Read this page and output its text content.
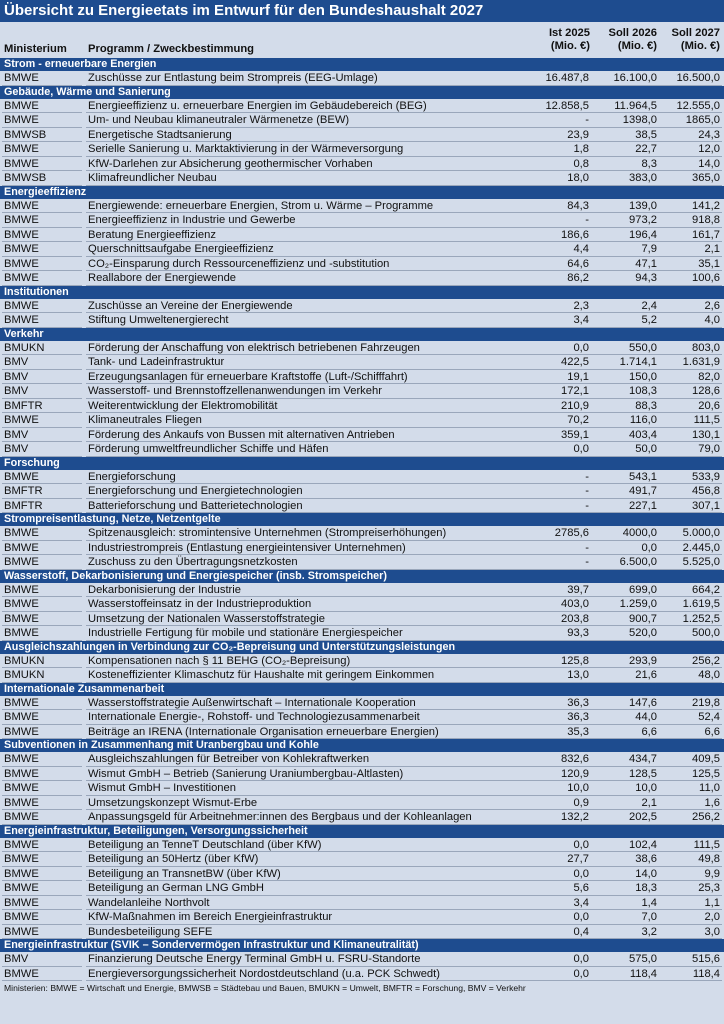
Übersicht zu Energieetats im Entwurf für den Bundeshaushalt 2027
Ministerium Programm / Zweckbestimmung
Ist 2025
(Mio. €)
Soll 2026
(Mio. €)
Soll 2027
(Mio. €)
Strom - erneuerbare Energien
BMWE	Zuschüsse zur Entlastung beim Strompreis (EEG-Umlage)	16.487,8	16.100,0	16.500,0
Gebäude, Wärme und Sanierung
BMWE	Energieeffizienz u. erneuerbare Energien im Gebäudebereich (BEG)	12.858,5	11.964,5	12.555,0
BMWE	Um- und Neubau klimaneutraler Wärmenetze (BEW)	-	1398,0	1865,0
BMWSB	Energetische Stadtsanierung	23,9	38,5	24,3
BMWE	Serielle Sanierung u. Marktaktivierung in der Wärmeversorgung	1,8	22,7	12,0
BMWE	KfW-Darlehen zur Absicherung geothermischer Vorhaben	0,8	8,3	14,0
BMWSB	Klimafreundlicher Neubau	18,0	383,0	365,0
Energieeffizienz
BMWE	Energiewende: erneuerbare Energien, Strom u. Wärme – Programme	84,3	139,0	141,2
BMWE	Energieeffizienz in Industrie und Gewerbe	-	973,2	918,8
BMWE	Beratung Energieeffizienz	186,6	196,4	161,7
BMWE	Querschnittsaufgabe Energieeffizienz	4,4	7,9	2,1
BMWE	CO₂-Einsparung durch Ressourceneffizienz und -substitution	64,6	47,1	35,1
BMWE	Reallabore der Energiewende	86,2	94,3	100,6
Institutionen
BMWE	Zuschüsse an Vereine der Energiewende	2,3	2,4	2,6
BMWE	Stiftung Umweltenergierecht	3,4	5,2	4,0
Verkehr
BMUKN	Förderung der Anschaffung von elektrisch betriebenen Fahrzeugen	0,0	550,0	803,0
BMV	Tank- und Ladeinfrastruktur	422,5	1.714,1	1.631,9
BMV	Erzeugungsanlagen für erneuerbare Kraftstoffe (Luft-/Schifffahrt)	19,1	150,0	82,0
BMV	Wasserstoff- und Brennstoffzellenanwendungen im Verkehr	172,1	108,3	128,6
BMFTR	Weiterentwicklung der Elektromobilität	210,9	88,3	20,6
BMWE	Klimaneutrales Fliegen	70,2	116,0	111,5
BMV	Förderung des Ankaufs von Bussen mit alternativen Antrieben	359,1	403,4	130,1
BMV	Förderung umweltfreundlicher Schiffe und Häfen	0,0	50,0	79,0
Forschung
BMWE	Energieforschung	-	543,1	533,9
BMFTR	Energieforschung und Energietechnologien	-	491,7	456,8
BMFTR	Batterieforschung und Batterietechnologien	-	227,1	307,1
Strompreisentlastung, Netze, Netzentgelte
BMWE	Spitzenausgleich: stromintensive Unternehmen (Strompreiserhöhungen)	2785,6	4000,0	5.000,0
BMWE	Industriestrompreis (Entlastung energieintensiver Unternehmen)	-	0,0	2.445,0
BMWE	Zuschuss zu den Übertragungsnetzkosten	-	6.500,0	5.525,0
Wasserstoff, Dekarbonisierung und Energiespeicher (insb. Stromspeicher)
BMWE	Dekarbonisierung der Industrie	39,7	699,0	664,2
BMWE	Wasserstoffeinsatz in der Industrieproduktion	403,0	1.259,0	1.619,5
BMWE	Umsetzung der Nationalen Wasserstoffstrategie	203,8	900,7	1.252,5
BMWE	Industrielle Fertigung für mobile und stationäre Energiespeicher	93,3	520,0	500,0
Ausgleichszahlungen in Verbindung zur CO₂-Bepreisung und Unterstützungsleistungen
BMUKN	Kompensationen nach § 11 BEHG (CO₂-Bepreisung)	125,8	293,9	256,2
BMUKN	Kosteneffizienter Klimaschutz für Haushalte mit geringem Einkommen	13,0	21,6	48,0
Internationale Zusammenarbeit
BMWE	Wasserstoffstrategie Außenwirtschaft – Internationale Kooperation	36,3	147,6	219,8
BMWE	Internationale Energie-, Rohstoff- und Technologiezusammenarbeit	36,3	44,0	52,4
BMWE	Beiträge an IRENA (Internationale Organisation erneuerbare Energien)	35,3	6,6	6,6
Subventionen in Zusammenhang mit Uranbergbau und Kohle
BMWE	Ausgleichszahlungen für Betreiber von Kohlekraftwerken	832,6	434,7	409,5
BMWE	Wismut GmbH – Betrieb (Sanierung Uraniumbergbau-Altlasten)	120,9	128,5	125,5
BMWE	Wismut GmbH – Investitionen	10,0	10,0	11,0
BMWE	Umsetzungskonzept Wismut-Erbe	0,9	2,1	1,6
BMWE	Anpassungsgeld für Arbeitnehmer:innen des Bergbaus und der Kohleanlagen	132,2	202,5	256,2
Energieinfrastruktur, Beteiligungen, Versorgungssicherheit
BMWE	Beteiligung an TenneT Deutschland (über KfW)	0,0	102,4	111,5
BMWE	Beteiligung an 50Hertz (über KfW)	27,7	38,6	49,8
BMWE	Beteiligung an TransnetBW (über KfW)	0,0	14,0	9,9
BMWE	Beteiligung an German LNG GmbH	5,6	18,3	25,3
BMWE	Wandelanleihe Northvolt	3,4	1,4	1,1
BMWE	KfW-Maßnahmen im Bereich Energieinfrastruktur	0,0	7,0	2,0
BMWE	Bundesbeteiligung SEFE	0,4	3,2	3,0
Energieinfrastruktur (SVIK – Sondervermögen Infrastruktur und Klimaneutralität)
BMV	Finanzierung Deutsche Energy Terminal GmbH u. FSRU-Standorte	0,0	575,0	515,6
BMWE	Energieversorgungssicherheit Nordostdeutschland (u.a. PCK Schwedt)	0,0	118,4	118,4
Ministerien: BMWE = Wirtschaft und Energie, BMWSB = Städtebau und Bauen, BMUKN = Umwelt, BMFTR = Forschung, BMV = Verkehr
